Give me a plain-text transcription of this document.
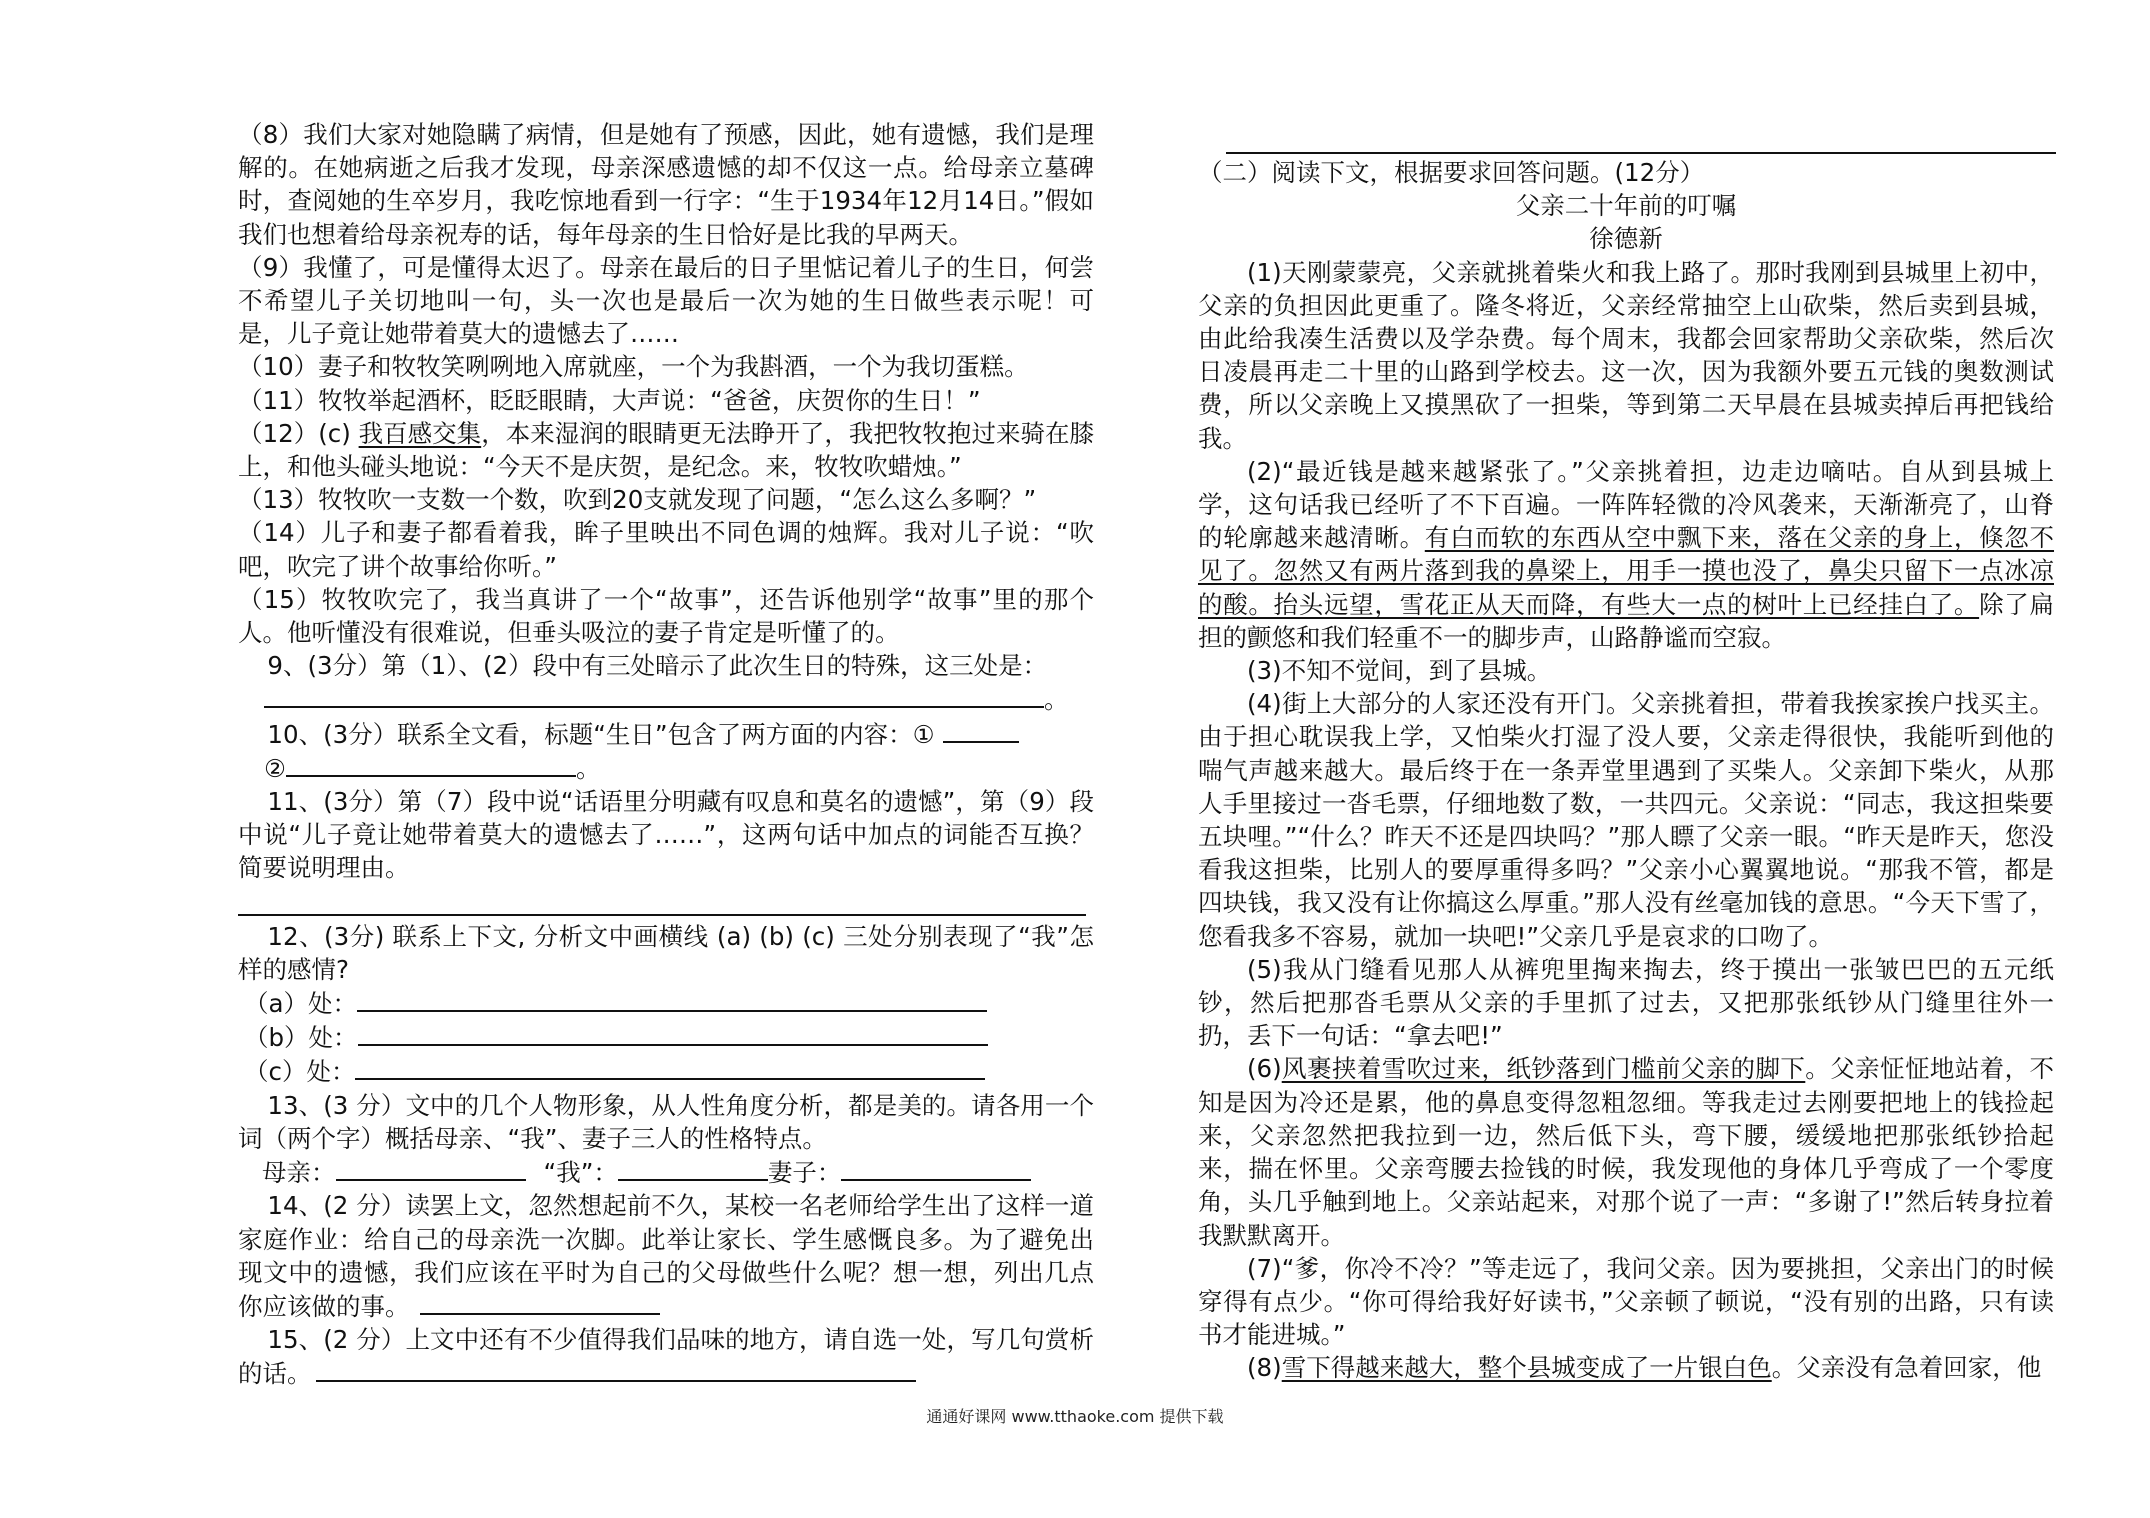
（8）我们大家对她隐瞒了病情，但是她有了预感，因此，她有遗憾，我们是理解的。在她病逝之后我才发现，母亲深感遗憾的却不仅这一点。给母亲立墓碑时，查阅她的生卒岁月，我吃惊地看到一行字：“生于1934年12月14日。”假如我们也想着给母亲祝寿的话，每年母亲的生日恰好是比我的早两天。

（9）我懂了，可是懂得太迟了。母亲在最后的日子里惦记着儿子的生日，何尝不希望儿子关切地叫一句，头一次也是最后一次为她的生日做些表示呢！可是，儿子竟让她带着莫大的遗憾去了……

（10）妻子和牧牧笑咧咧地入席就座，一个为我斟酒，一个为我切蛋糕。

（11）牧牧举起酒杯，眨眨眼睛，大声说：“爸爸，庆贺你的生日！”

（12）(c) 我百感交集，本来湿润的眼睛更无法睁开了，我把牧牧抱过来骑在膝上，和他头碰头地说：“今天不是庆贺，是纪念。来，牧牧吹蜡烛。”

（13）牧牧吹一支数一个数，吹到20支就发现了问题，“怎么这么多啊？”

（14）儿子和妻子都看着我，眸子里映出不同色调的烛辉。我对儿子说：“吹吧，吹完了讲个故事给你听。”

（15）牧牧吹完了，我当真讲了一个“故事”，还告诉他别学“故事”里的那个人。他听懂没有很难说，但垂头吸泣的妻子肯定是听懂了的。

9、(3分）第（1）、(2）段中有三处暗示了此次生日的特殊，这三处是：

。

10、(3分）联系全文看，标题“生日”包含了两方面的内容：①

②	。

11、(3分）第（7）段中说“话语里分明藏有叹息和莫名的遗憾”，第（9）段中说“儿子竟让她带着莫大的遗憾去了……”，这两句话中加点的词能否互换？简要说明理由。

12、(3分) 联系上下文, 分析文中画横线 (a) (b) (c) 三处分别表现了“我”怎样的感情?

（a）处：

（b）处：

（c）处：

13、(3 分）文中的几个人物形象，从人性角度分析，都是美的。请各用一个词（两个字）概括母亲、“我”、妻子三人的性格特点。

母亲：	“我”：	妻子：

14、(2 分）读罢上文，忽然想起前不久，某校一名老师给学生出了这样一道家庭作业：给自己的母亲洗一次脚。此举让家长、学生感慨良多。为了避免出现文中的遗憾，我们应该在平时为自己的父母做些什么呢？想一想，列出几点你应该做的事。

15、(2 分）上文中还有不少值得我们品味的地方，请自选一处，写几句赏析的话。

（二）阅读下文，根据要求回答问题。(12分）

父亲二十年前的叮嘱

徐德新

(1)天刚蒙蒙亮，父亲就挑着柴火和我上路了。那时我刚到县城里上初中，父亲的负担因此更重了。隆冬将近，父亲经常抽空上山砍柴，然后卖到县城，由此给我凑生活费以及学杂费。每个周末，我都会回家帮助父亲砍柴，然后次日凌晨再走二十里的山路到学校去。这一次，因为我额外要五元钱的奥数测试费，所以父亲晚上又摸黑砍了一担柴，等到第二天早晨在县城卖掉后再把钱给我。

(2)“最近钱是越来越紧张了。”父亲挑着担，边走边嘀咕。自从到县城上学，这句话我已经听了不下百遍。一阵阵轻微的冷风袭来，天渐渐亮了，山脊的轮廓越来越清晰。有白而软的东西从空中飘下来，落在父亲的身上，倏忽不见了。忽然又有两片落到我的鼻梁上，用手一摸也没了，鼻尖只留下一点冰凉的酸。抬头远望，雪花正从天而降，有些大一点的树叶上已经挂白了。除了扁担的颤悠和我们轻重不一的脚步声，山路静谧而空寂。

(3)不知不觉间，到了县城。

(4)街上大部分的人家还没有开门。父亲挑着担，带着我挨家挨户找买主。由于担心耽误我上学，又怕柴火打湿了没人要，父亲走得很快，我能听到他的喘气声越来越大。最后终于在一条弄堂里遇到了买柴人。父亲卸下柴火，从那人手里接过一沓毛票，仔细地数了数，一共四元。父亲说：“同志，我这担柴要五块哩。”“什么？昨天不还是四块吗？”那人瞟了父亲一眼。“昨天是昨天，您没看我这担柴，比别人的要厚重得多吗？”父亲小心翼翼地说。“那我不管，都是四块钱，我又没有让你搞这么厚重。”那人没有丝毫加钱的意思。“今天下雪了，您看我多不容易，就加一块吧!”父亲几乎是哀求的口吻了。

(5)我从门缝看见那人从裤兜里掏来掏去，终于摸出一张皱巴巴的五元纸钞，然后把那沓毛票从父亲的手里抓了过去，又把那张纸钞从门缝里往外一扔，丢下一句话：“拿去吧!”

(6)风裹挟着雪吹过来，纸钞落到门槛前父亲的脚下。父亲怔怔地站着，不知是因为冷还是累，他的鼻息变得忽粗忽细。等我走过去刚要把地上的钱捡起来，父亲忽然把我拉到一边，然后低下头，弯下腰，缓缓地把那张纸钞拾起来，揣在怀里。父亲弯腰去捡钱的时候，我发现他的身体几乎弯成了一个零度角，头几乎触到地上。父亲站起来，对那个说了一声：“多谢了!”然后转身拉着我默默离开。

(7)“爹，你冷不冷？”等走远了，我问父亲。因为要挑担，父亲出门的时候穿得有点少。“你可得给我好好读书，”父亲顿了顿说，“没有别的出路，只有读书才能进城。”

(8)雪下得越来越大，整个县城变成了一片银白色。父亲没有急着回家，他

通通好课网 www.tthaoke.com 提供下载
